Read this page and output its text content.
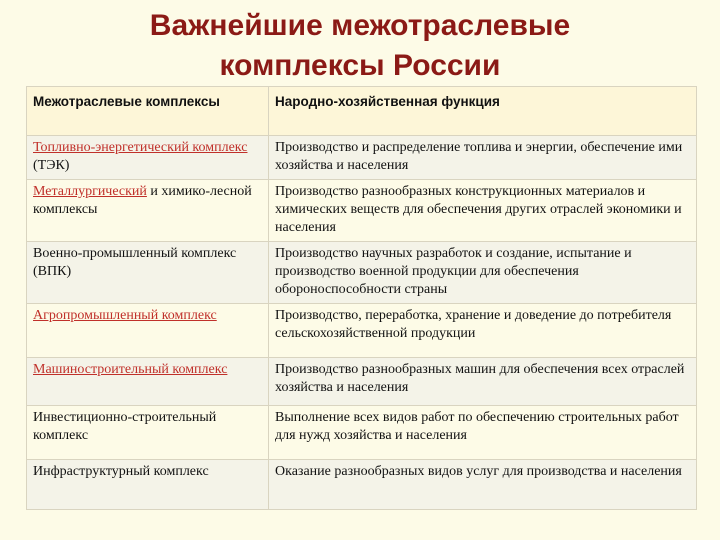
Важнейшие межотраслевые
комплексы России
Межотраслевые комплексы	Народно-хозяйственная функция
Топливно-энергетический комплекс (ТЭК)	Производство и распределение топлива и энергии, обеспечение ими хозяйства и населения
Металлургический и химико-лесной комплексы	Производство разнообразных конструкционных материалов и химических веществ для обеспечения других отраслей экономики и населения
Военно-промышленный комплекс (ВПК)	Производство научных разработок и создание, испытание и производство военной продукции для обеспечения обороноспособности страны
Агропромышленный комплекс	Производство, переработка, хранение и доведение до потребителя сельскохозяйственной продукции
Машиностроительный комплекс	Производство разнообразных машин для обеспечения всех отраслей хозяйства и населения
Инвестиционно-строительный комплекс	Выполнение всех видов работ по обеспечению строительных работ для нужд хозяйства и населения
Инфраструктурный комплекс	Оказание разнообразных видов услуг для производства и населения
